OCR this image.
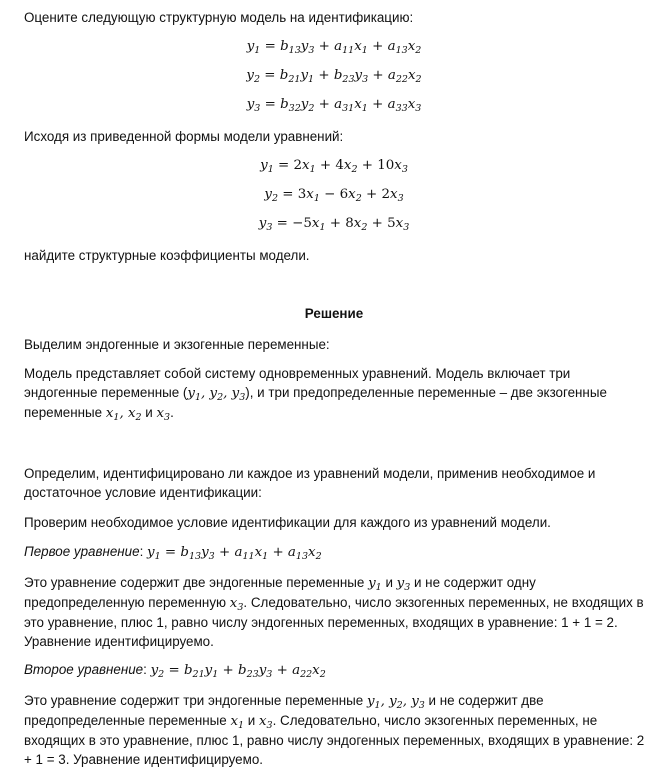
Оцените следующую структурную модель на идентификацию:

$y_1 = b_{13}y_3 + a_{11}x_1 + a_{13}x_2$
$y_2 = b_{21}y_1 + b_{23}y_3 + a_{22}x_2$
$y_3 = b_{32}y_2 + a_{31}x_1 + a_{33}x_3$

Исходя из приведенной формы модели уравнений:

$y_1 = 2x_1 + 4x_2 + 10x_3$
$y_2 = 3x_1 - 6x_2 + 2x_3$
$y_3 = -5x_1 + 8x_2 + 5x_3$

найдите структурные коэффициенты модели.

Решение

Выделим эндогенные и экзогенные переменные:

Модель представляет собой систему одновременных уравнений. Модель включает три эндогенные переменные ($y_1$, $y_2$, $y_3$), и три предопределенные переменные – две экзогенные переменные $x_1$, $x_2$ и $x_3$.

Определим, идентифицировано ли каждое из уравнений модели, применив необходимое и достаточное условие идентификации:

Проверим необходимое условие идентификации для каждого из уравнений модели.

Первое уравнение: $y_1 = b_{13}y_3 + a_{11}x_1 + a_{13}x_2$

Это уравнение содержит две эндогенные переменные $y_1$ и $y_3$ и не содержит одну предопределенную переменную $x_3$. Следовательно, число экзогенных переменных, не входящих в это уравнение, плюс 1, равно числу эндогенных переменных, входящих в уравнение: 1 + 1 = 2. Уравнение идентифицируемо.

Второе уравнение: $y_2 = b_{21}y_1 + b_{23}y_3 + a_{22}x_2$

Это уравнение содержит три эндогенные переменные $y_1$, $y_2$, $y_3$ и не содержит две предопределенные переменные $x_1$ и $x_3$. Следовательно, число экзогенных переменных, не входящих в это уравнение, плюс 1, равно числу эндогенных переменных, входящих в уравнение: 2 + 1 = 3. Уравнение идентифицируемо.
